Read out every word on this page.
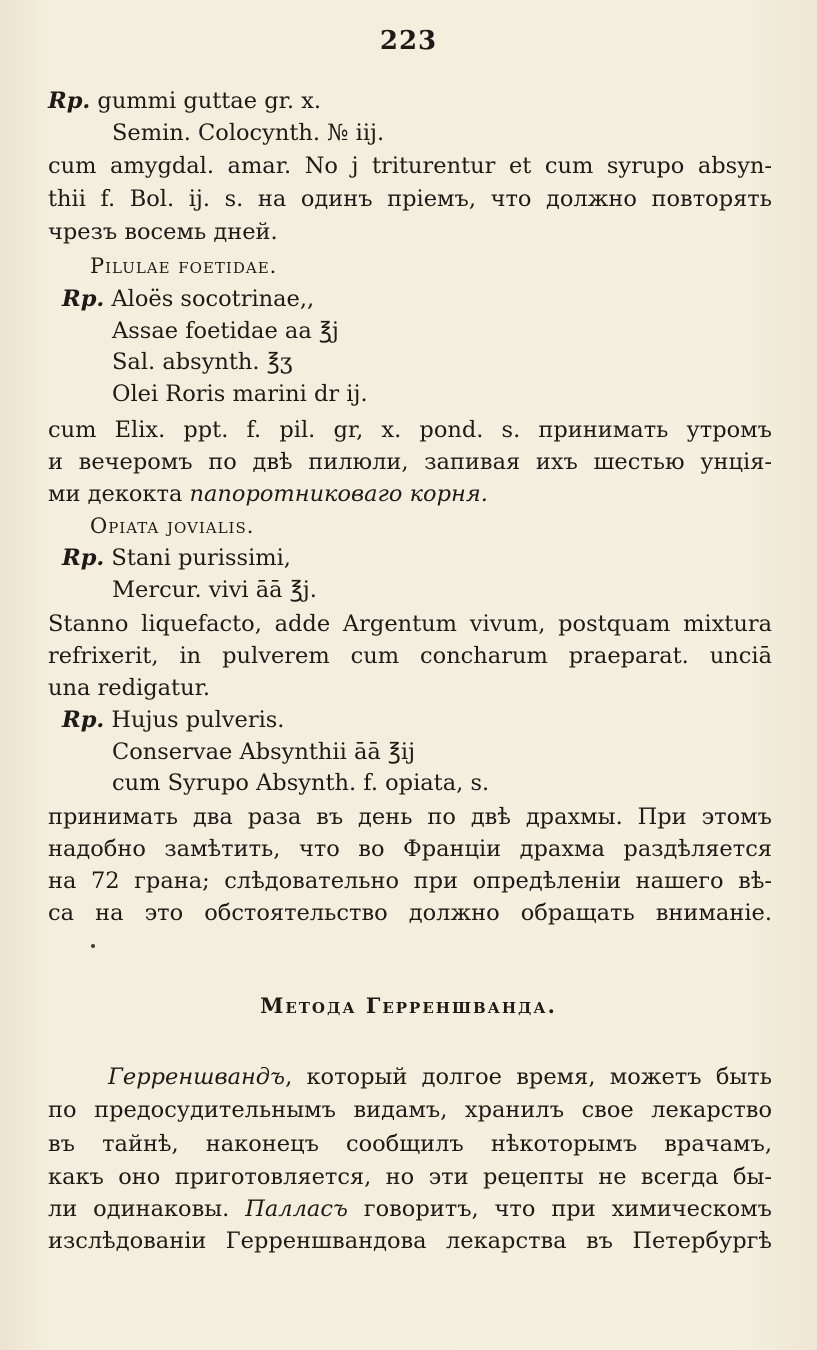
223
Rp. gummi guttae gr. x.
Semin. Colocynth. № iij.
cum amygdal. amar. No j triturentur et cum syrupo absyn-
thii f. Bol. ij. s. на одинъ пріемъ, что должно повторять
чрезъ восемь дней.
Pilulae foetidae.
Rp. Aloës socotrinae,,
Assae foetidae aa ℥j
Sal. absynth. ℥ʒ
Olei Roris marini dr ij.
cum Elix. ppt. f. pil. gr, x. pond. s. принимать утромъ
и вечеромъ по двѣ пилюли, запивая ихъ шестью унція-
ми декокта папоротниковаго корня.
Opiata jovialis.
Rp. Stani purissimi,
Mercur. vivi āā ℥j.
Stanno liquefacto, adde Argentum vivum, postquam mixtura
refrixerit, in pulverem cum concharum praeparat. unciā
una redigatur.
Rp. Hujus pulveris.
Conservae Absynthii āā ℥ij
cum Syrupo Absynth. f. opiata, s.
принимать два раза въ день по двѣ драхмы. При этомъ
надобно замѣтить, что во Франціи драхма раздѣляется
на 72 грана; слѣдовательно при опредѣленіи нашего вѣ-
са на это обстоятельство должно обращать вниманіе.
Метода Герреншванда.
Герреншвандъ, который долгое время, можетъ быть
по предосудительнымъ видамъ, хранилъ свое лекарство
въ тайнѣ, наконецъ сообщилъ нѣкоторымъ врачамъ,
какъ оно приготовляется, но эти рецепты не всегда бы-
ли одинаковы. Палласъ говоритъ, что при химическомъ
изслѣдованіи Герреншвандова лекарства въ Петербургѣ
